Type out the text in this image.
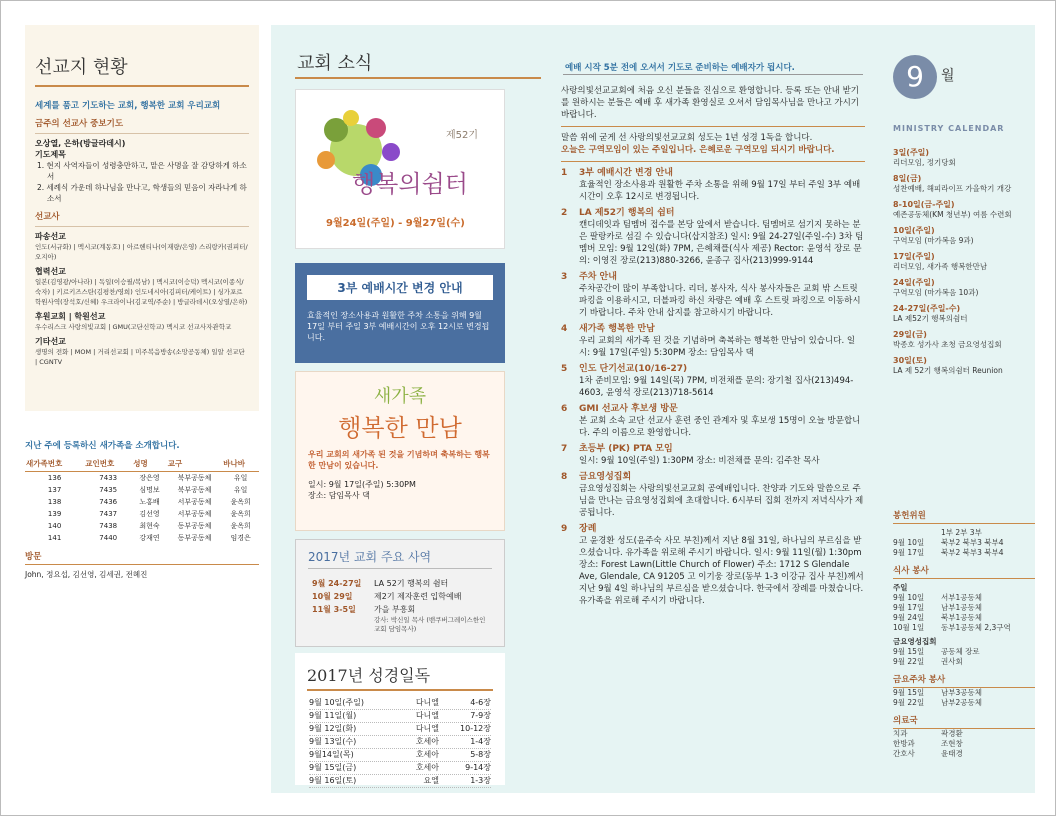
선교지 현황
세계를 품고 기도하는 교회, 행복한 교회 우리교회
금주의 선교사 중보기도
오상열, 은하(방글라데시)
기도제목
1. 현지 사역자들이 성령충만하고, 맡은 사명을 잘 감당하게 하소서
2. 세례식 가운데 하나님을 만나고, 학생들의 믿음이 자라나게 하소서
선교사
파송선교
인도(서규화) | 멕시코(계동호) | 아르헨티나(이재량/은영) 스리랑카(권피터/오지아)
협력선교
일본(김영광/아나라) | 독일(이승필/복남) | 멕시코(이승덕) 멕시코(이종식/숙자) | 키르키즈스탄(김평찬/영희) 인도네시아(김피터/케이트) | 싱가포르 학원사역(장석호/신혜) 우크라이나(김교역/주순) | 방글라데시(오상열/은하)
후원교회 | 학원선교
우수리스크 사랑의빛교회 | GMU(고단신학교) 멕시코 선교사자관학교
기타선교
생명의 전화 | MOM | 거리선교회 | 미주복음방송(소망공동체) 일알 선교단 | CGNTV
지난 주에 등록하신 새가족을 소개합니다.
새가족번호	교인번호	성명	교구	바나바
136	7433	장은영	북부공동체	유일
137	7435	심명보	북부공동체	유일
138	7436	노홍배	서부공동체	윤옥희
139	7437	김선영	서부공동체	윤옥희
140	7438	최현숙	동부공동체	윤옥희
141	7440	강재연	동부공동체	임경은
방문
John, 정요섭, 김선영, 김세권, 전혜진
교회 소식	예배 시작 5분 전에 오셔서 기도로 준비하는 예배자가 됩시다.
제52기
행복의쉼터
9월24일(주일) - 9월27일(수)
3부 예배시간 변경 안내
효율적인 장소사용과 원활한 주차 소통을 위해 9월 17일 부터 주일 3부 예배시간이 오후 12시로 변경됩니다.
새가족
행복한 만남
우리 교회의 새가족 된 것을 기념하며 축복하는 행복한 만남이 있습니다.
일시: 9월 17일(주일) 5:30PM
장소: 담임목사 댁
2017년 교회 주요 사역
9월 24-27일	LA 52기 행복의 쉼터
10월 29일	제2기 제자훈련 입학예배
11월 3-5일	가을 부흥회
강사: 박신일 목사 (밴쿠버그레이스한인교회 담임목사)
2017년 성경일독
9월 10일(주일)	다니엘	4-6장
9월 11일(월)	다니엘	7-9장
9월 12일(화)	다니엘	10-12장
9월 13일(수)	호세아	1-4장
9월14일(목)	호세아	5-8장
9월 15일(금)	호세아	9-14장
9월 16일(토)	요엘	1-3장
사랑의빛선교교회에 처음 오신 분들을 진심으로 환영합니다. 등록 또는 안내 받기를 원하시는 분들은 예배 후 새가족 환영실로 오셔서 담임목사님을 만나고 가시기 바랍니다.
말씀 위에 굳게 선 사랑의빛선교교회 성도는 1년 성경 1독을 합니다.
오늘은 구역모임이 있는 주일입니다. 은혜로운 구역모임 되시기 바랍니다.
1	3부 예배시간 변경 안내
효율적인 장소사용과 원활한 주차 소통을 위해 9월 17일 부터 주일 3부 예배시간이 오후 12시로 변경됩니다.
2	LA 제52기 행복의 쉼터
캔디데잇과 팀멤버 접수를 본당 앞에서 받습니다. 팀멤버로 섬기지 못하는 분은 팔랑카로 섬길 수 있습니다(삽지참조) 일시: 9월 24-27일(주일-수) 3차 팀멤버 모임: 9월 12일(화) 7PM, 은혜채플(식사 제공) Rector: 윤영석 장로 문의: 이영진 장로(213)880-3266, 윤종구 집사(213)999-9144
3	주차 안내
주차공간이 많이 부족합니다. 리더, 봉사자, 식사 봉사자들은 교회 밖 스트릿 파킹을 이용하시고, 더블파킹 하신 차량은 예배 후 스트릿 파킹으로 이동하시기 바랍니다. 주차 안내 삽지를 참고하시기 바랍니다.
4	새가족 행복한 만남
우리 교회의 새가족 된 것을 기념하며 축복하는 행복한 만남이 있습니다. 일시: 9월 17일(주일) 5:30PM 장소: 담임목사 댁
5	인도 단기선교(10/16-27)
1차 준비모임: 9월 14일(목) 7PM, 비전채플 문의: 장기철 집사(213)494-4603, 윤영석 장로(213)718-5614
6	GMI 선교사 후보생 방문
본 교회 소속 교단 선교사 훈련 중인 관계자 및 후보생 15명이 오늘 방문합니다. 주의 이름으로 환영합니다.
7	초등부 (PK) PTA 모임
일시: 9월 10일(주일) 1:30PM 장소: 비전채플 문의: 김주찬 목사
8	금요영성집회
금요영성집회는 사랑의빛선교교회 공예배입니다. 찬양과 기도와 말씀으로 주님을 만나는 금요영성집회에 초대합니다. 6시부터 집회 전까지 저녁식사가 제공됩니다.
9	장례
고 윤경환 성도(윤주숙 사모 부친)께서 지난 8월 31일, 하나님의 부르심을 받으셨습니다. 유가족을 위로해 주시기 바랍니다. 일시: 9월 11일(월) 1:30pm 장소: Forest Lawn(Little Church of Flower) 주소: 1712 S Glendale Ave, Glendale, CA 91205 고 이기웅 장로(동부 1-3 이강규 집사 부친)께서 지난 9월 4일 하나님의 부르심을 받으셨습니다. 한국에서 장례를 마쳤습니다. 유가족을 위로해 주시기 바랍니다.
9	월
MINISTRY CALENDAR
3일(주일)
리더모임, 정기당회
8일(금)
성찬예배, 해피라이프 가을학기 개강
8-10일(금-주일)
예존공동체(KM 청년부) 여름 수련회
10일(주일)
구역모임 (마가복음 9과)
17일(주일)
리더모임, 새가족 행복한만남
24일(주일)
구역모임 (마가복음 10과)
24-27일(주일-수)
LA 제52기 행복의쉼터
29일(금)
박종호 성가사 초청 금요영성집회
30일(토)
LA 제 52기 행복의쉼터 Reunion
봉헌위원
1부 2부 3부
9월 10일	북부2 북부3 북부4
9월 17일	북부2 북부3 북부4
식사 봉사
주일
9월 10일	서부1공동체
9월 17일	남부1공동체
9월 24일	북부1공동체
10월 1일	동부1공동체 2,3구역
금요영성집회
9월 15일	공동체 장로
9월 22일	권사회
금요주차 봉사
9월 15일	남부3공동체
9월 22일	남부2공동체
의료국
치과	곽경환
한방과	조현창
간호사	윤태경
